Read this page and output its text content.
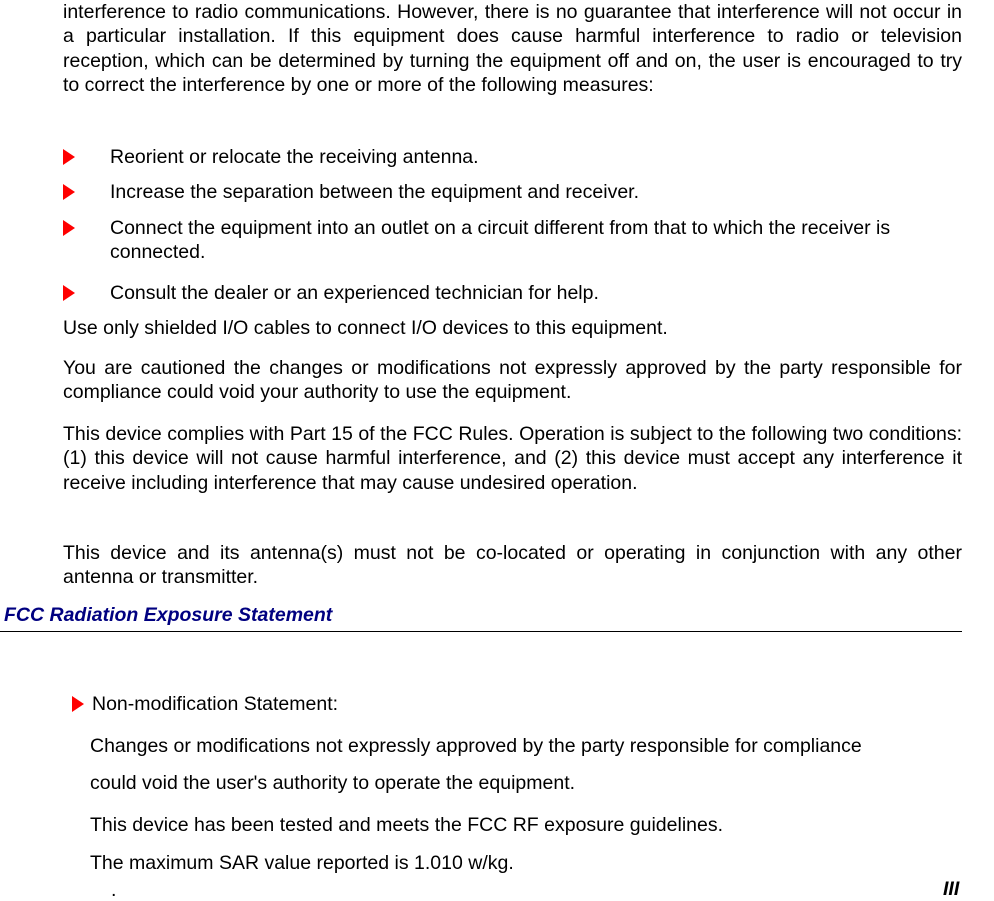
interference to radio communications. However, there is no guarantee that interference will not occur in a particular installation. If this equipment does cause harmful interference to radio or television reception, which can be determined by turning the equipment off and on, the user is encouraged to try to correct the interference by one or more of the following measures:

Reorient or relocate the receiving antenna.
Increase the separation between the equipment and receiver.
Connect the equipment into an outlet on a circuit different from that to which the receiver is connected.
Consult the dealer or an experienced technician for help.

Use only shielded I/O cables to connect I/O devices to this equipment.

You are cautioned the changes or modifications not expressly approved by the party responsible for compliance could void your authority to use the equipment.

This device complies with Part 15 of the FCC Rules. Operation is subject to the following two conditions: (1) this device will not cause harmful interference, and (2) this device must accept any interference it receive including interference that may cause undesired operation.

This device and its antenna(s) must not be co-located or operating in conjunction with any other antenna or transmitter.

FCC Radiation Exposure Statement
Non-modification Statement:
Changes or modifications not expressly approved by the party responsible for compliance
could void the user's authority to operate the equipment.
This device has been tested and meets the FCC RF exposure guidelines.
The maximum SAR value reported is 1.010 w/kg.
.	III
